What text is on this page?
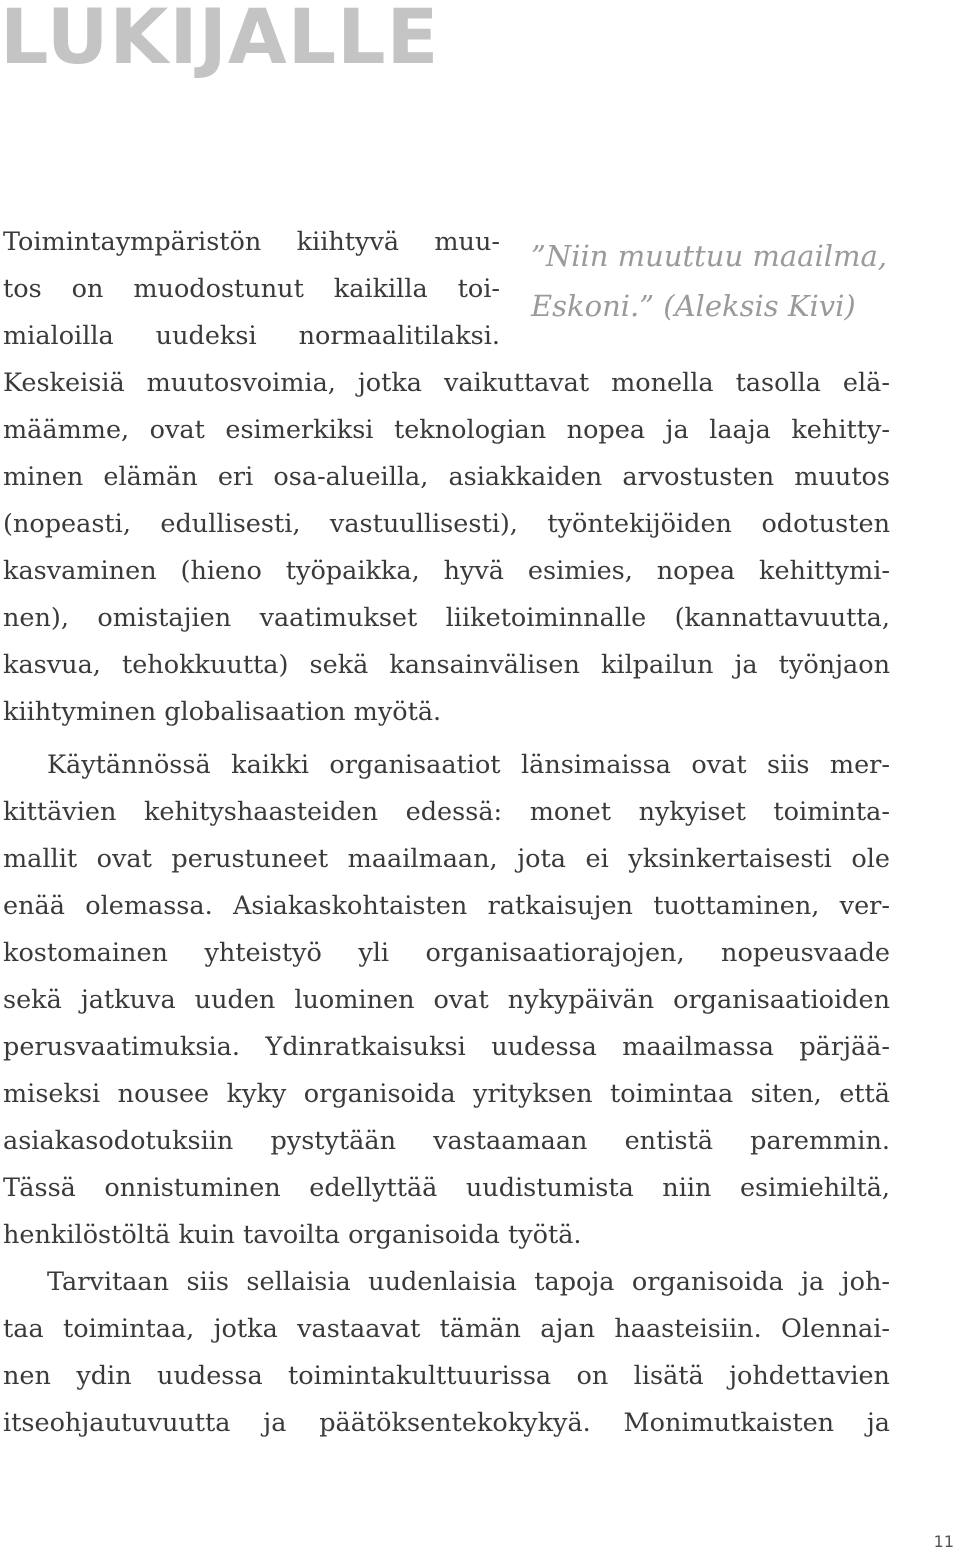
LUKIJALLE
”Niin muuttuu maailma,
Eskoni.” (Aleksis Kivi)
Toimintaympäristön kiihtyvä muu-
tos on muodostunut kaikilla toi-
mialoilla uudeksi normaalitilaksi.
Keskeisiä muutosvoimia, jotka vaikuttavat monella tasolla elä-
määmme, ovat esimerkiksi teknologian nopea ja laaja kehitty-
minen elämän eri osa-alueilla, asiakkaiden arvostusten muutos
(nopeasti, edullisesti, vastuullisesti), työntekijöiden odotusten
kasvaminen (hieno työpaikka, hyvä esimies, nopea kehittymi-
nen), omistajien vaatimukset liiketoiminnalle (kannattavuutta,
kasvua, tehokkuutta) sekä kansainvälisen kilpailun ja työnjaon
kiihtyminen globalisaation myötä.
Käytännössä kaikki organisaatiot länsimaissa ovat siis mer-
kittävien kehityshaasteiden edessä: monet nykyiset toiminta-
mallit ovat perustuneet maailmaan, jota ei yksinkertaisesti ole
enää olemassa. Asiakaskohtaisten ratkaisujen tuottaminen, ver-
kostomainen yhteistyö yli organisaatiorajojen, nopeusvaade
sekä jatkuva uuden luominen ovat nykypäivän organisaatioiden
perusvaatimuksia. Ydinratkaisuksi uudessa maailmassa pärjää-
miseksi nousee kyky organisoida yrityksen toimintaa siten, että
asiakasodotuksiin pystytään vastaamaan entistä paremmin.
Tässä onnistuminen edellyttää uudistumista niin esimiehiltä,
henkilöstöltä kuin tavoilta organisoida työtä.
Tarvitaan siis sellaisia uudenlaisia tapoja organisoida ja joh-
taa toimintaa, jotka vastaavat tämän ajan haasteisiin. Olennai-
nen ydin uudessa toimintakulttuurissa on lisätä johdettavien
itseohjautuvuutta ja päätöksentekokykyä. Monimutkaisten ja
11
